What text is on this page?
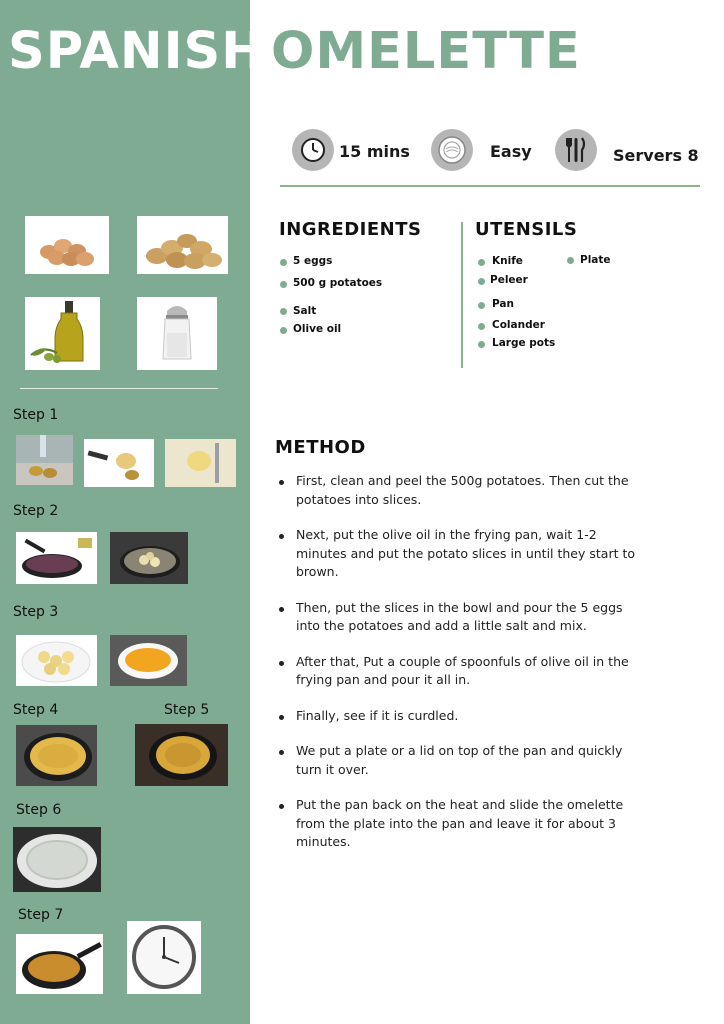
SPANISH OMELETTE
15 mins	Easy	Servers 8
INGREDIENTS
5 eggs
500 g potatoes
Salt
Olive oil
UTENSILS
Knife
Peleer
Pan
Colander
Large pots
Plate
Step 1
Step 2
Step 3
Step 4	Step 5
Step 6
Step 7
METHOD
First, clean and peel the 500g potatoes. Then cut the potatoes into slices.
Next, put the olive oil in the frying pan, wait 1-2 minutes and put the potato slices in until they start to brown.
Then, put the slices in the bowl and pour the 5 eggs into the potatoes and add a little salt and mix.
After that, Put a couple of spoonfuls of olive oil in the frying pan and pour it all in.
Finally, see if it is curdled.
We put a plate or a lid on top of the pan and quickly turn it over.
Put the pan back on the heat and slide the omelette from the plate into the pan and leave it for about 3 minutes.
